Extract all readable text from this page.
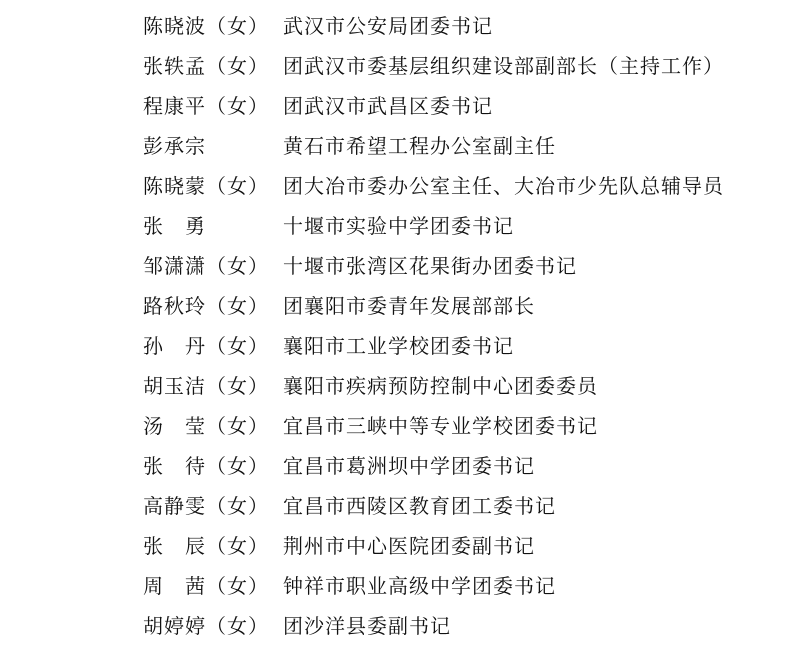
陈晓波（女） 武汉市公安局团委书记
张轶孟（女） 团武汉市委基层组织建设部副部长（主持工作）
程康平（女） 团武汉市武昌区委书记
彭承宗	黄石市希望工程办公室副主任
陈晓蒙（女） 团大冶市委办公室主任、大冶市少先队总辅导员
张　勇	十堰市实验中学团委书记
邹潇潇（女） 十堰市张湾区花果街办团委书记
路秋玲（女） 团襄阳市委青年发展部部长
孙　丹（女） 襄阳市工业学校团委书记
胡玉洁（女） 襄阳市疾病预防控制中心团委委员
汤　莹（女） 宜昌市三峡中等专业学校团委书记
张　待（女） 宜昌市葛洲坝中学团委书记
高静雯（女） 宜昌市西陵区教育团工委书记
张　辰（女） 荆州市中心医院团委副书记
周　茜（女） 钟祥市职业高级中学团委书记
胡婷婷（女） 团沙洋县委副书记
